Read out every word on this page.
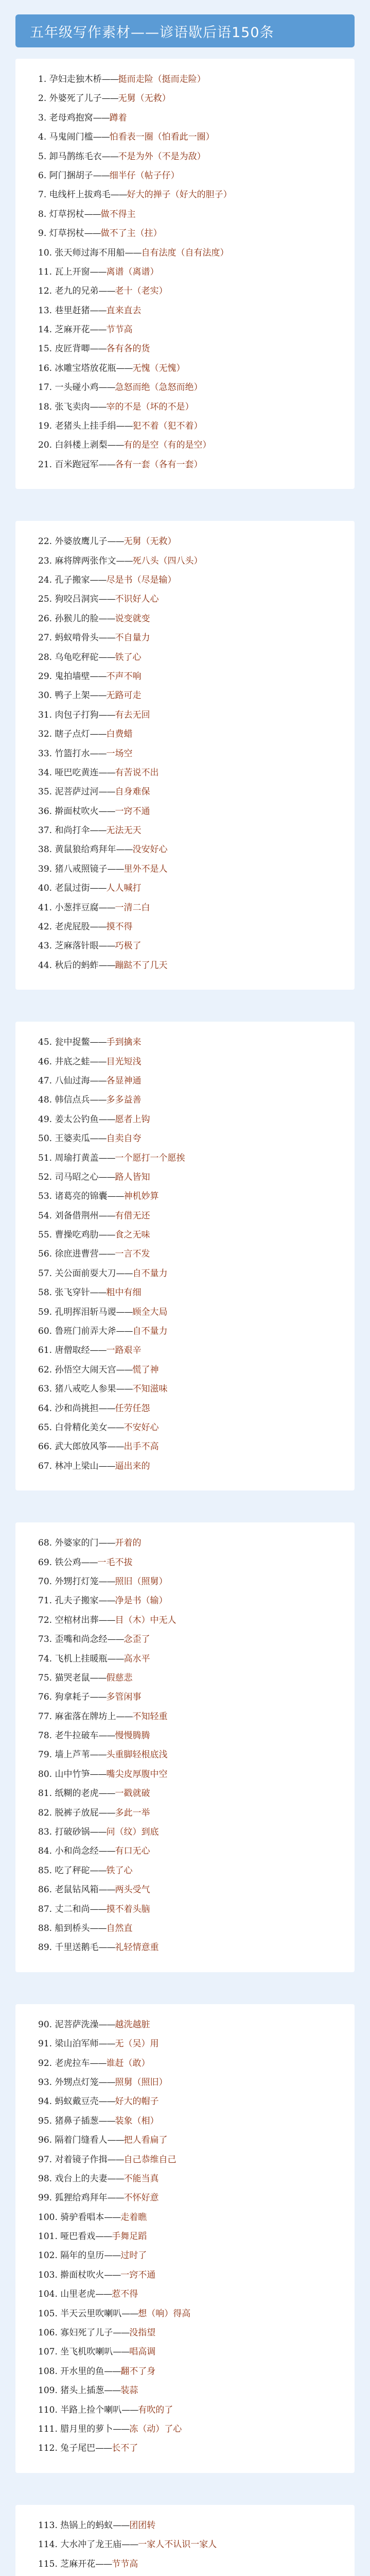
五年级写作素材——谚语歇后语150条
1. 孕妇走独木桥——挺而走险（挺而走险）
2. 外婆死了儿子——无舅（无救）
3. 老母鸡抱窝——蹲着
4. 马鬼闹门槛——怕看表一圈（怕看此一圈）
5. 卸马鹊练毛衣——不是为外（不是为敌）
6. 阿门捆胡子——细半仔（帖子仔）
7. 电线杆上拔鸡毛——好大的掸子（好大的胆子）
8. 灯草拐杖——做不得主
9. 灯草拐杖——做不了主（拄）
10. 张天师过海不用船——自有法度（自有法度）
11. 瓦上开窗——离谱（离谱）
12. 老九的兄弟——老十（老实）
13. 巷里赶猪——直来直去
14. 芝麻开花——节节高
15. 皮匠背唧——各有各的货
16. 冰雕宝塔放花瓶——无愧（无愧）
17. 一头碰小鸡——急怒而绝（急怒而绝）
18. 张飞卖肉——宰的不是（坏的不是）
19. 老猪头上挂手绢——犯不着（犯不着）
20. 白斜楼上剥梨——有的是空（有的是空）
21. 百米跑冠军——各有一套（各有一套）
22. 外婆放鹰儿子——无舅（无救）
23. 麻将牌两张作文——死八头（四八头）
24. 孔子搬家——尽是书（尽是输）
25. 狗咬吕洞宾——不识好人心
26. 孙猴儿的脸——说变就变
27. 蚂蚁啃骨头——不自量力
28. 乌龟吃秤砣——铁了心
29. 鬼拍墙壁——不声不响
30. 鸭子上架——无路可走
31. 肉包子打狗——有去无回
32. 瞎子点灯——白费蜡
33. 竹篮打水——一场空
34. 哑巴吃黄连——有苦说不出
35. 泥菩萨过河——自身难保
36. 擀面杖吹火——一窍不通
37. 和尚打伞——无法无天
38. 黄鼠狼给鸡拜年——没安好心
39. 猪八戒照镜子——里外不是人
40. 老鼠过街——人人喊打
41. 小葱拌豆腐——一清二白
42. 老虎屁股——摸不得
43. 芝麻落针眼——巧极了
44. 秋后的蚂蚱——蹦跶不了几天
45. 瓮中捉鳖——手到擒来
46. 井底之蛙——目光短浅
47. 八仙过海——各显神通
48. 韩信点兵——多多益善
49. 姜太公钓鱼——愿者上钩
50. 王婆卖瓜——自卖自夸
51. 周瑜打黄盖——一个愿打一个愿挨
52. 司马昭之心——路人皆知
53. 诸葛亮的锦囊——神机妙算
54. 刘备借荆州——有借无还
55. 曹操吃鸡肋——食之无味
56. 徐庶进曹营——一言不发
57. 关公面前耍大刀——自不量力
58. 张飞穿针——粗中有细
59. 孔明挥泪斩马谡——顾全大局
60. 鲁班门前弄大斧——自不量力
61. 唐僧取经——一路艰辛
62. 孙悟空大闹天宫——慌了神
63. 猪八戒吃人参果——不知滋味
64. 沙和尚挑担——任劳任怨
65. 白骨精化美女——不安好心
66. 武大郎放风筝——出手不高
67. 林冲上梁山——逼出来的
68. 外婆家的门——开着的
69. 铁公鸡——一毛不拔
70. 外甥打灯笼——照旧（照舅）
71. 孔夫子搬家——净是书（输）
72. 空棺材出葬——目（木）中无人
73. 歪嘴和尚念经——念歪了
74. 飞机上挂暖瓶——高水平
75. 猫哭老鼠——假慈悲
76. 狗拿耗子——多管闲事
77. 麻雀落在牌坊上——不知轻重
78. 老牛拉破车——慢慢腾腾
79. 墙上芦苇——头重脚轻根底浅
80. 山中竹笋——嘴尖皮厚腹中空
81. 纸糊的老虎——一戳就破
82. 脱裤子放屁——多此一举
83. 打破砂锅——问（纹）到底
84. 小和尚念经——有口无心
85. 吃了秤砣——铁了心
86. 老鼠钻风箱——两头受气
87. 丈二和尚——摸不着头脑
88. 船到桥头——自然直
89. 千里送鹅毛——礼轻情意重
90. 泥菩萨洗澡——越洗越脏
91. 梁山泊军师——无（吴）用
92. 老虎拉车——谁赶（敢）
93. 外甥点灯笼——照舅（照旧）
94. 蚂蚁戴豆壳——好大的帽子
95. 猪鼻子插葱——装象（相）
96. 隔着门缝看人——把人看扁了
97. 对着镜子作揖——自己恭维自己
98. 戏台上的夫妻——不能当真
99. 狐狸给鸡拜年——不怀好意
100. 骑驴看唱本——走着瞧
101. 哑巴看戏——手舞足蹈
102. 隔年的皇历——过时了
103. 擀面杖吹火——一窍不通
104. 山里老虎——惹不得
105. 半天云里吹喇叭——想（响）得高
106. 寡妇死了儿子——没指望
107. 坐飞机吹喇叭——唱高调
108. 开水里的鱼——翻不了身
109. 猪头上插葱——装蒜
110. 半路上捡个喇叭——有吹的了
111. 腊月里的萝卜——冻（动）了心
112. 兔子尾巴——长不了
113. 热锅上的蚂蚁——团团转
114. 大水冲了龙王庙——一家人不认识一家人
115. 芝麻开花——节节高
